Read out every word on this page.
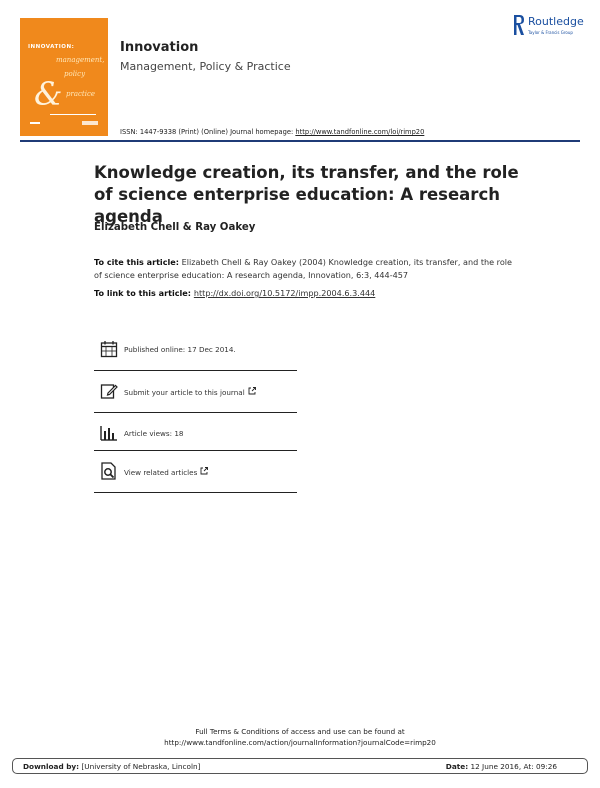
INNOVATION:
management,
policy
& practice
Innovation
Management, Policy & Practice
Routledge
Taylor & Francis Group
ISSN: 1447-9338 (Print) (Online) Journal homepage: http://www.tandfonline.com/loi/rimp20
Knowledge creation, its transfer, and the role of science enterprise education: A research agenda
Elizabeth Chell & Ray Oakey
To cite this article: Elizabeth Chell & Ray Oakey (2004) Knowledge creation, its transfer, and the role of science enterprise education: A research agenda, Innovation, 6:3, 444-457
To link to this article: http://dx.doi.org/10.5172/impp.2004.6.3.444
Published online: 17 Dec 2014.
Submit your article to this journal
Article views: 18
View related articles
Full Terms & Conditions of access and use can be found at
http://www.tandfonline.com/action/journalInformation?journalCode=rimp20
Download by: [University of Nebraska, Lincoln]	Date: 12 June 2016, At: 09:26
